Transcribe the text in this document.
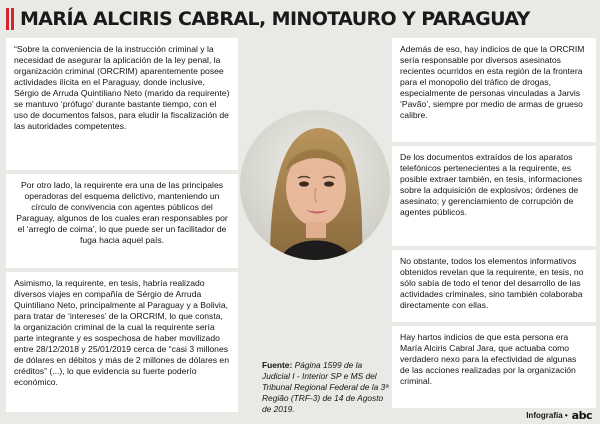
MARÍA ALCIRIS CABRAL, MINOTAURO Y PARAGUAY

“Sobre la conveniencia de la instrucción criminal y la necesidad de asegurar la aplicación de la ley penal, la organización criminal (ORCRIM) aparentemente posee actividades ilícita en el Paraguay, donde inclusive, Sérgio de Arruda Quintiliano Neto (marido da requirente) se mantuvo ‘prófugo’ durante bastante tiempo, con el uso de documentos falsos, para eludir la fiscalización de las autoridades competentes.

Por otro lado, la requirente era una de las principales operadoras del esquema delictivo, manteniendo un círculo de convivencia con agentes públicos del Paraguay, algunos de los cuales eran responsables por el ‘arreglo de coima’, lo que puede ser un facilitador de fuga hacia aquel país.

Asimismo, la requirente, en tesis, habría realizado diversos viajes en compañía de Sérgio de Arruda Quintiliano Neto, principalmente al Paraguay y a Bolivia, para tratar de ‘intereses’ de la ORCRIM, lo que consta, la organización criminal de la cual la requirente sería parte integrante y es sospechosa de haber movilizado entre 28/12/2018 y 25/01/2019 cerca de “casi 3 millones de dólares en débitos y más de 2 millones de dólares en créditos” (...), lo que evidencia su fuerte poderío económico.

Además de eso, hay indicios de que la ORCRIM sería responsable por diversos asesinatos recientes ocurridos en esta región de la frontera para el monopolio del tráfico de drogas, especialmente de personas vinculadas a Jarvis ‘Pavão’, siempre por medio de armas de grueso calibre.

De los documentos extraídos de los aparatos telefónicos pertenecientes a la requirente, es posible extraer también, en tesis, informaciones sobre la adquisición de explosivos; órdenes de asesinato; y gerenciamiento de corrupción de agentes públicos.

No obstante, todos los elementos informativos obtenidos revelan que la requirente, en tesis, no sólo sabía de todo el tenor del desarrollo de las actividades criminales, sino también colaboraba directamente con ellas.

Hay hartos indicios de que esta persona era María Alciris Cabral Jara, que actuaba como verdadero nexo para la efectividad de algunas de las acciones realizadas por la organización criminal.

Fuente: Página 1599 de la Judicial I - Interior SP e MS del Tribunal Regional Federal de la 3ª Região (TRF-3) de 14 de Agosto de 2019.
Infografía • abc
